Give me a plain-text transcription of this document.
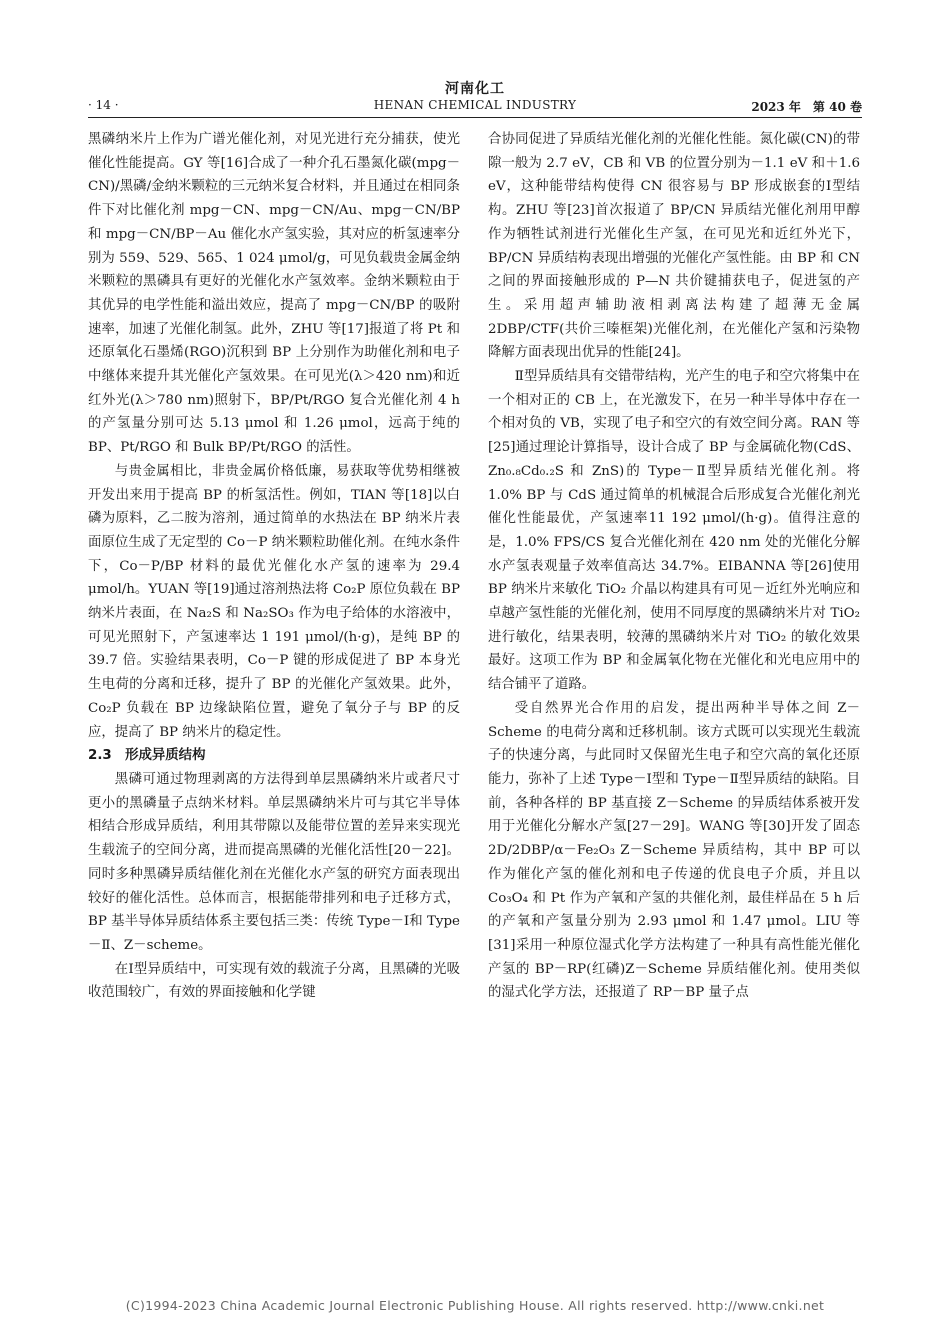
河南化工
· 14 ·	HENAN CHEMICAL INDUSTRY	2023 年　第 40 卷

黑磷纳米片上作为广谱光催化剂，对见光进行充分捕获，使光催化性能提高。GY 等[16]合成了一种介孔石墨氮化碳(mpg－CN)/黑磷/金纳米颗粒的三元纳米复合材料，并且通过在相同条件下对比催化剂 mpg－CN、mpg－CN/Au、mpg－CN/BP 和 mpg－CN/BP－Au 催化水产氢实验，其对应的析氢速率分别为 559、529、565、1 024 μmol/g，可见负载贵金属金纳米颗粒的黑磷具有更好的光催化水产氢效率。金纳米颗粒由于其优异的电学性能和溢出效应，提高了 mpg－CN/BP 的吸附速率，加速了光催化制氢。此外，ZHU 等[17]报道了将 Pt 和还原氧化石墨烯(RGO)沉积到 BP 上分别作为助催化剂和电子中继体来提升其光催化产氢效果。在可见光(λ＞420 nm)和近红外光(λ＞780 nm)照射下，BP/Pt/RGO 复合光催化剂 4 h 的产氢量分别可达 5.13 μmol 和 1.26 μmol，远高于纯的 BP、Pt/RGO 和 Bulk BP/Pt/RGO 的活性。

与贵金属相比，非贵金属价格低廉，易获取等优势相继被开发出来用于提高 BP 的析氢活性。例如，TIAN 等[18]以白磷为原料，乙二胺为溶剂，通过简单的水热法在 BP 纳米片表面原位生成了无定型的 Co－P 纳米颗粒助催化剂。在纯水条件下，Co－P/BP 材料的最优光催化水产氢的速率为 29.4 μmol/h。YUAN 等[19]通过溶剂热法将 Co₂P 原位负载在 BP 纳米片表面，在 Na₂S 和 Na₂SO₃ 作为电子给体的水溶液中，可见光照射下，产氢速率达 1 191 μmol/(h·g)，是纯 BP 的 39.7 倍。实验结果表明，Co－P 键的形成促进了 BP 本身光生电荷的分离和迁移，提升了 BP 的光催化产氢效果。此外，Co₂P 负载在 BP 边缘缺陷位置，避免了氧分子与 BP 的反应，提高了 BP 纳米片的稳定性。

2.3　形成异质结构

黑磷可通过物理剥离的方法得到单层黑磷纳米片或者尺寸更小的黑磷量子点纳米材料。单层黑磷纳米片可与其它半导体相结合形成异质结，利用其带隙以及能带位置的差异来实现光生载流子的空间分离，进而提高黑磷的光催化活性[20－22]。同时多种黑磷异质结催化剂在光催化水产氢的研究方面表现出较好的催化活性。总体而言，根据能带排列和电子迁移方式，BP 基半导体异质结体系主要包括三类：传统 Type－Ⅰ和 Type－Ⅱ、Z－scheme。

在Ⅰ型异质结中，可实现有效的载流子分离，且黑磷的光吸收范围较广，有效的界面接触和化学键

合协同促进了异质结光催化剂的光催化性能。氮化碳(CN)的带隙一般为 2.7 eV，CB 和 VB 的位置分别为－1.1 eV 和＋1.6 eV，这种能带结构使得 CN 很容易与 BP 形成嵌套的Ⅰ型结构。ZHU 等[23]首次报道了 BP/CN 异质结光催化剂用甲醇作为牺牲试剂进行光催化生产氢，在可见光和近红外光下，BP/CN 异质结构表现出增强的光催化产氢性能。由 BP 和 CN 之间的界面接触形成的 P—N 共价键捕获电子，促进氢的产生。采用超声辅助液相剥离法构建了超薄无金属 2DBP/CTF(共价三嗪框架)光催化剂，在光催化产氢和污染物降解方面表现出优异的性能[24]。

Ⅱ型异质结具有交错带结构，光产生的电子和空穴将集中在一个相对正的 CB 上，在光激发下，在另一种半导体中存在一个相对负的 VB，实现了电子和空穴的有效空间分离。RAN 等[25]通过理论计算指导，设计合成了 BP 与金属硫化物(CdS、Zn₀.₈Cd₀.₂S 和 ZnS)的 Type－Ⅱ型异质结光催化剂。将 1.0% BP 与 CdS 通过简单的机械混合后形成复合光催化剂光催化性能最优，产氢速率11 192 μmol/(h·g)。值得注意的是，1.0% FPS/CS 复合光催化剂在 420 nm 处的光催化分解水产氢表观量子效率值高达 34.7%。EIBANNA 等[26]使用 BP 纳米片来敏化 TiO₂ 介晶以构建具有可见－近红外光响应和卓越产氢性能的光催化剂，使用不同厚度的黑磷纳米片对 TiO₂ 进行敏化，结果表明，较薄的黑磷纳米片对 TiO₂ 的敏化效果最好。这项工作为 BP 和金属氧化物在光催化和光电应用中的结合铺平了道路。

受自然界光合作用的启发，提出两种半导体之间 Z－Scheme 的电荷分离和迁移机制。该方式既可以实现光生载流子的快速分离，与此同时又保留光生电子和空穴高的氧化还原能力，弥补了上述 Type－Ⅰ型和 Type－Ⅱ型异质结的缺陷。目前，各种各样的 BP 基直接 Z－Scheme 的异质结体系被开发用于光催化分解水产氢[27－29]。WANG 等[30]开发了固态 2D/2DBP/α－Fe₂O₃ Z－Scheme 异质结构，其中 BP 可以作为催化产氢的催化剂和电子传递的优良电子介质，并且以 Co₃O₄ 和 Pt 作为产氧和产氢的共催化剂，最佳样品在 5 h 后的产氧和产氢量分别为 2.93 μmol 和 1.47 μmol。LIU 等[31]采用一种原位湿式化学方法构建了一种具有高性能光催化产氢的 BP－RP(红磷)Z－Scheme 异质结催化剂。使用类似的湿式化学方法，还报道了 RP－BP 量子点

(C)1994-2023 China Academic Journal Electronic Publishing House. All rights reserved. http://www.cnki.net
